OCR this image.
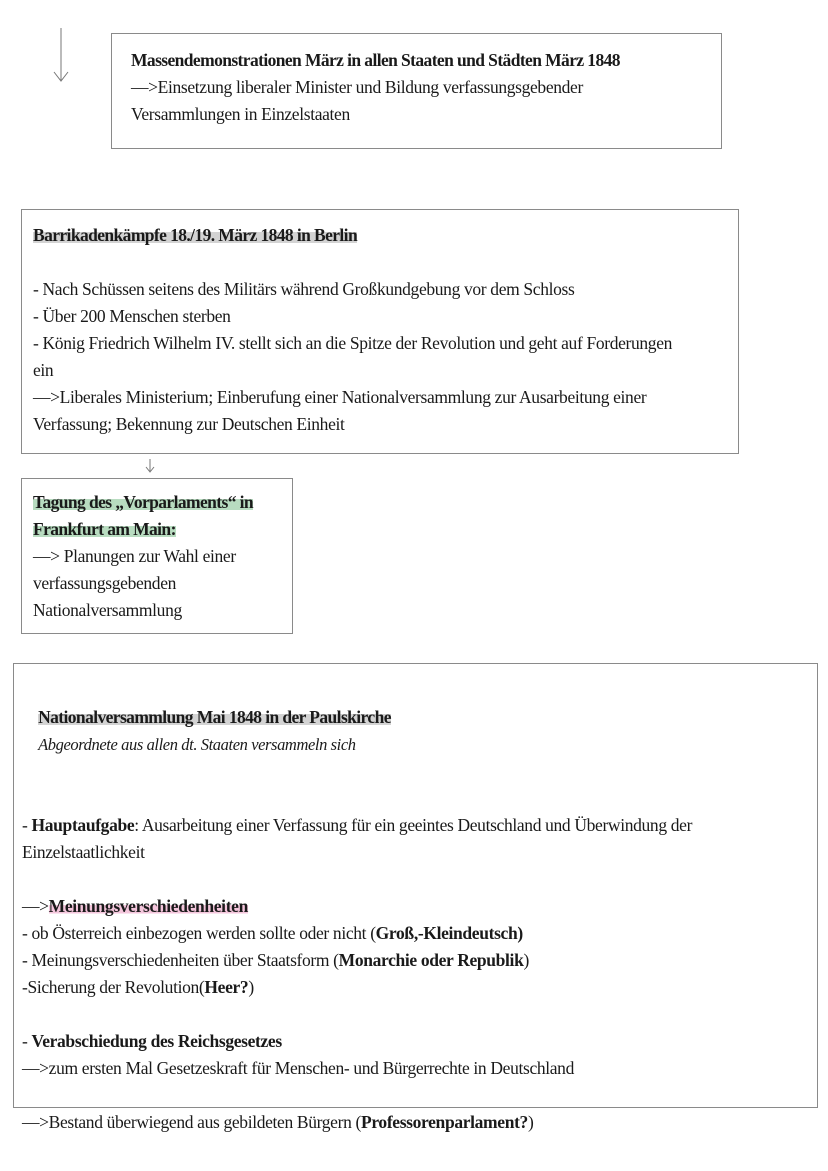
Massendemonstrationen März in allen Staaten und Städten März 1848

—>Einsetzung liberaler Minister und Bildung verfassungsgebender

Versammlungen in Einzelstaaten

Barrikadenkämpfe 18./19. März 1848 in Berlin

- Nach Schüssen seitens des Militärs während Großkundgebung vor dem Schloss

- Über 200 Menschen sterben

- König Friedrich Wilhelm IV. stellt sich an die Spitze der Revolution und geht auf Forderungen

ein

—>Liberales Ministerium; Einberufung einer Nationalversammlung zur Ausarbeitung einer

Verfassung; Bekennung zur Deutschen Einheit

Tagung des „Vorparlaments“ in

Frankfurt am Main:

—> Planungen zur Wahl einer

verfassungsgebenden

Nationalversammlung

Nationalversammlung Mai 1848 in der Paulskirche
Abgeordnete aus allen dt. Staaten versammeln sich

- Hauptaufgabe: Ausarbeitung einer Verfassung für ein geeintes Deutschland und Überwindung der

Einzelstaatlichkeit

—>Meinungsverschiedenheiten

- ob Österreich einbezogen werden sollte oder nicht (Groß,-Kleindeutsch)

- Meinungsverschiedenheiten über Staatsform (Monarchie oder Republik)

-Sicherung der Revolution(Heer?)

- Verabschiedung des Reichsgesetzes

—>zum ersten Mal Gesetzeskraft für Menschen- und Bürgerrechte in Deutschland

—>Bestand überwiegend aus gebildeten Bürgern (Professorenparlament?)
